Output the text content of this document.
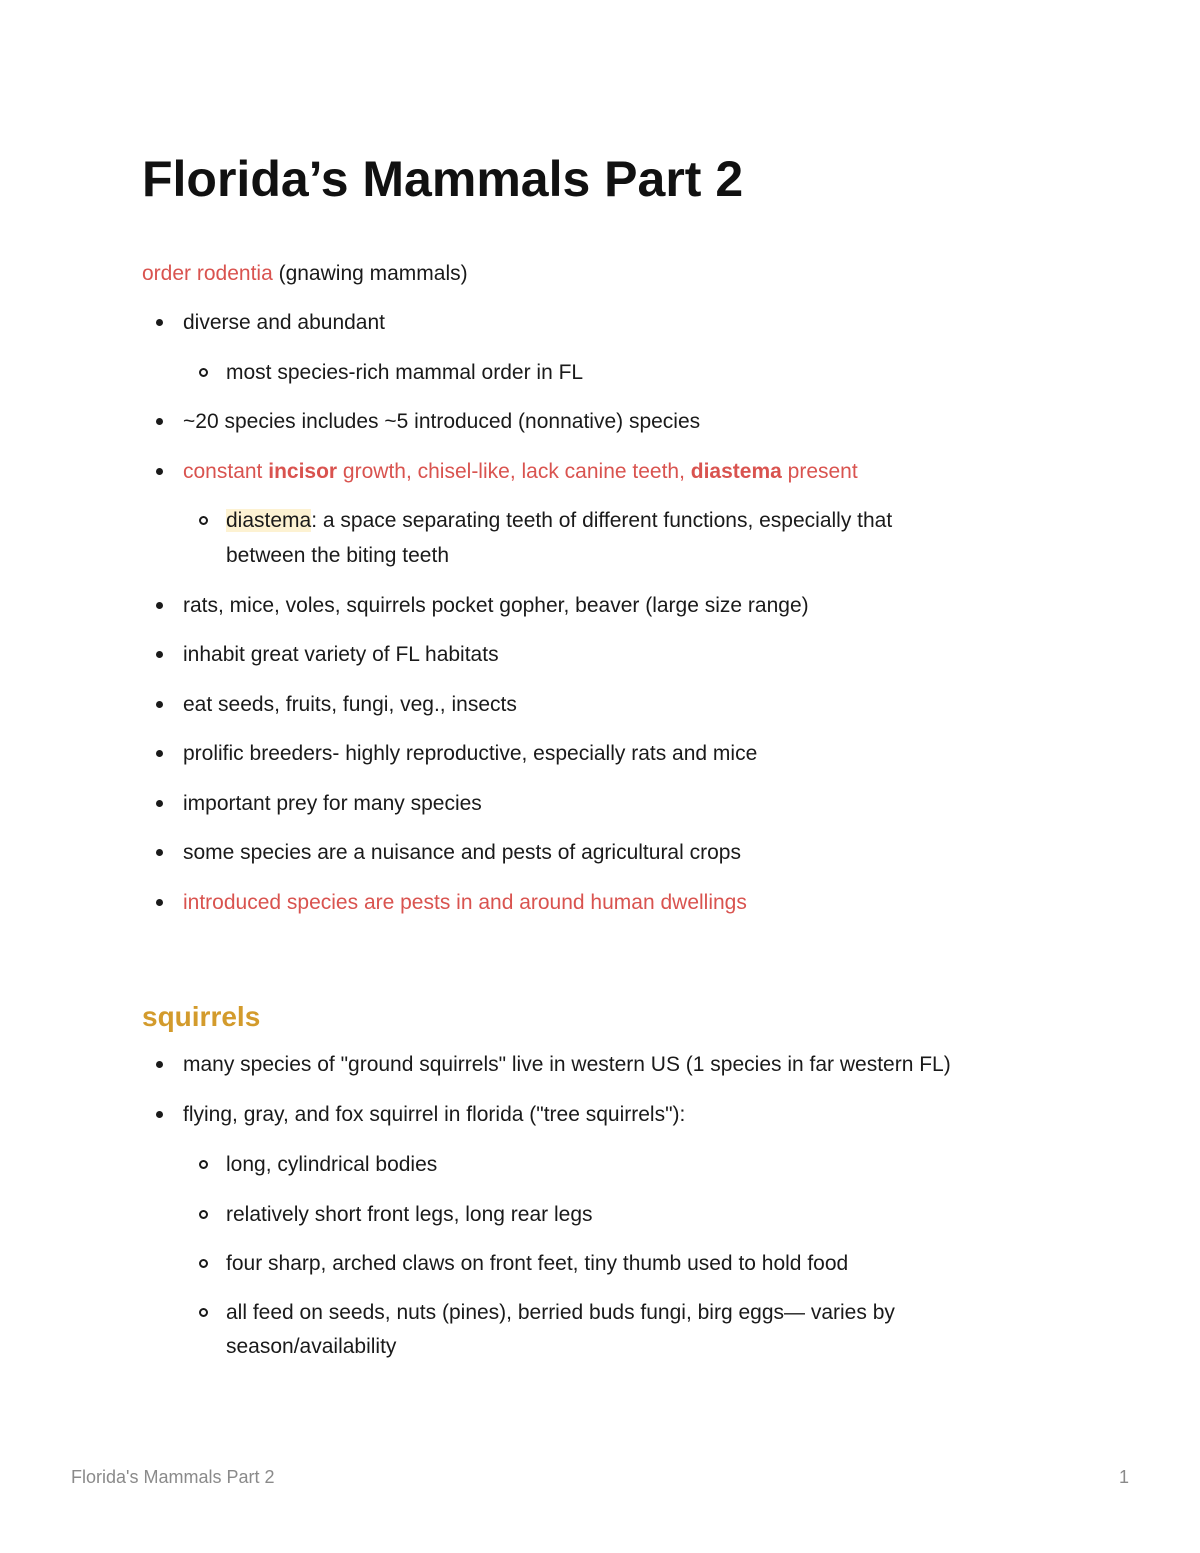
Florida’s Mammals Part 2
order rodentia (gnawing mammals)
diverse and abundant
most species-rich mammal order in FL
~20 species includes ~5 introduced (nonnative) species
constant incisor growth, chisel-like, lack canine teeth, diastema present
diastema: a space separating teeth of different functions, especially that
between the biting teeth
rats, mice, voles, squirrels pocket gopher, beaver (large size range)
inhabit great variety of FL habitats
eat seeds, fruits, fungi, veg., insects
prolific breeders- highly reproductive, especially rats and mice
important prey for many species
some species are a nuisance and pests of agricultural crops
introduced species are pests in and around human dwellings
squirrels
many species of "ground squirrels" live in western US (1 species in far western FL)
flying, gray, and fox squirrel in florida ("tree squirrels"):
long, cylindrical bodies
relatively short front legs, long rear legs
four sharp, arched claws on front feet, tiny thumb used to hold food
all feed on seeds, nuts (pines), berried buds fungi, birg eggs— varies by
season/availability
Florida's Mammals Part 2	1
